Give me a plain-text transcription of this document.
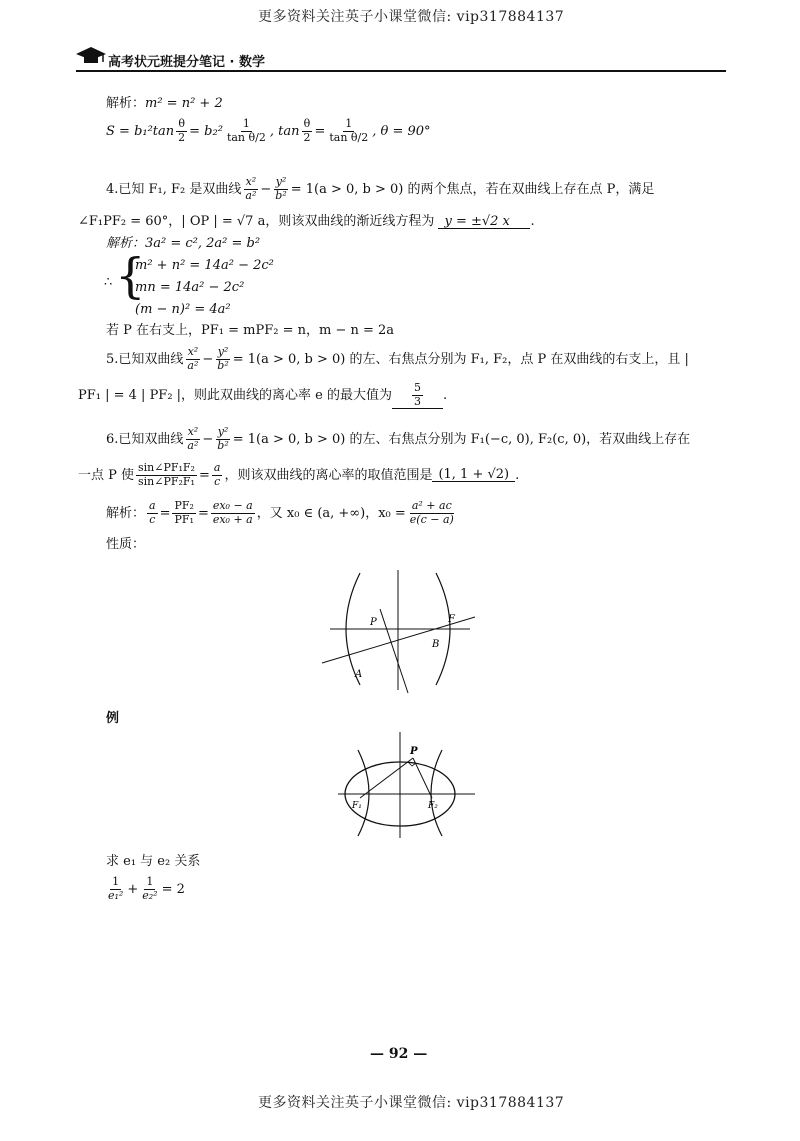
更多资料关注英子小课堂微信: vip317884137
高考状元班提分笔记 · 数学
解析：m² = n² + 2
$S = b_1^2\tan \frac{\theta}{2} = b_2^2 \frac{1}{\text{tan θ/2}}$ , $\tan \frac{\theta}{2} = \frac{1}{\text{tan θ/2}}$ , θ = 90°
4.已知 F₁, F₂ 是双曲线 $\frac{\text{x²}}{\text{a²}} - \frac{\text{y²}}{\text{b²}} = 1(a > 0$, b > 0) 的两个焦点，若在双曲线上存在点 P，满足
∠F₁PF₂ = 60°，| OP | = √7 a，则该双曲线的渐近线方程为 y = ±√2 x .
解析：3a² = c², 2a² = b²
∴ {
m² + n² = 14a² − 2c²
mn = 14a² − 2c²
(m − n)² = 4a²
若 P 在右支上，PF₁ = mPF₂ = n，m − n = 2a
5.已知双曲线 $\frac{\text{x²}}{\text{a²}} - \frac{\text{y²}}{\text{b²}} = 1(a > 0$, b > 0) 的左、右焦点分别为 F₁, F₂，点 P 在双曲线的右支上，且 |
PF₁ | = 4 | PF₂ |，则此双曲线的离心率 e 的最大值为 $\frac{5}{3}$ .
6.已知双曲线 $\frac{\text{x²}}{\text{a²}} - \frac{\text{y²}}{\text{b²}} = 1(a > 0$, b > 0) 的左、右焦点分别为 F₁(−c, 0), F₂(c, 0)，若双曲线上存在
一点 P 使 $\frac{\text{sin∠PF₁F₂}}{\text{sin∠PF₂F₁}} = \frac{a}{c}$ ，则该双曲线的离心率的取值范围是 (1, 1 + √2) .
解析： $\frac{a}{c} = \frac{\text{PF₂}}{\text{PF₁}} = \frac{\text{ex₀ − a}}{\text{ex₀ + a}}$ ，又 x₀ ∈ (a, +∞)，$x_0 = \frac{\text{a² + ac}}{e(c - a)}$
性质：
P	F
A
B
例
P
F₁	F₂
求 e₁ 与 e₂ 关系
$\frac{1}{\text{e₁²}} + \frac{1}{\text{e₂²}} = 2$
— 92 —
更多资料关注英子小课堂微信: vip317884137
